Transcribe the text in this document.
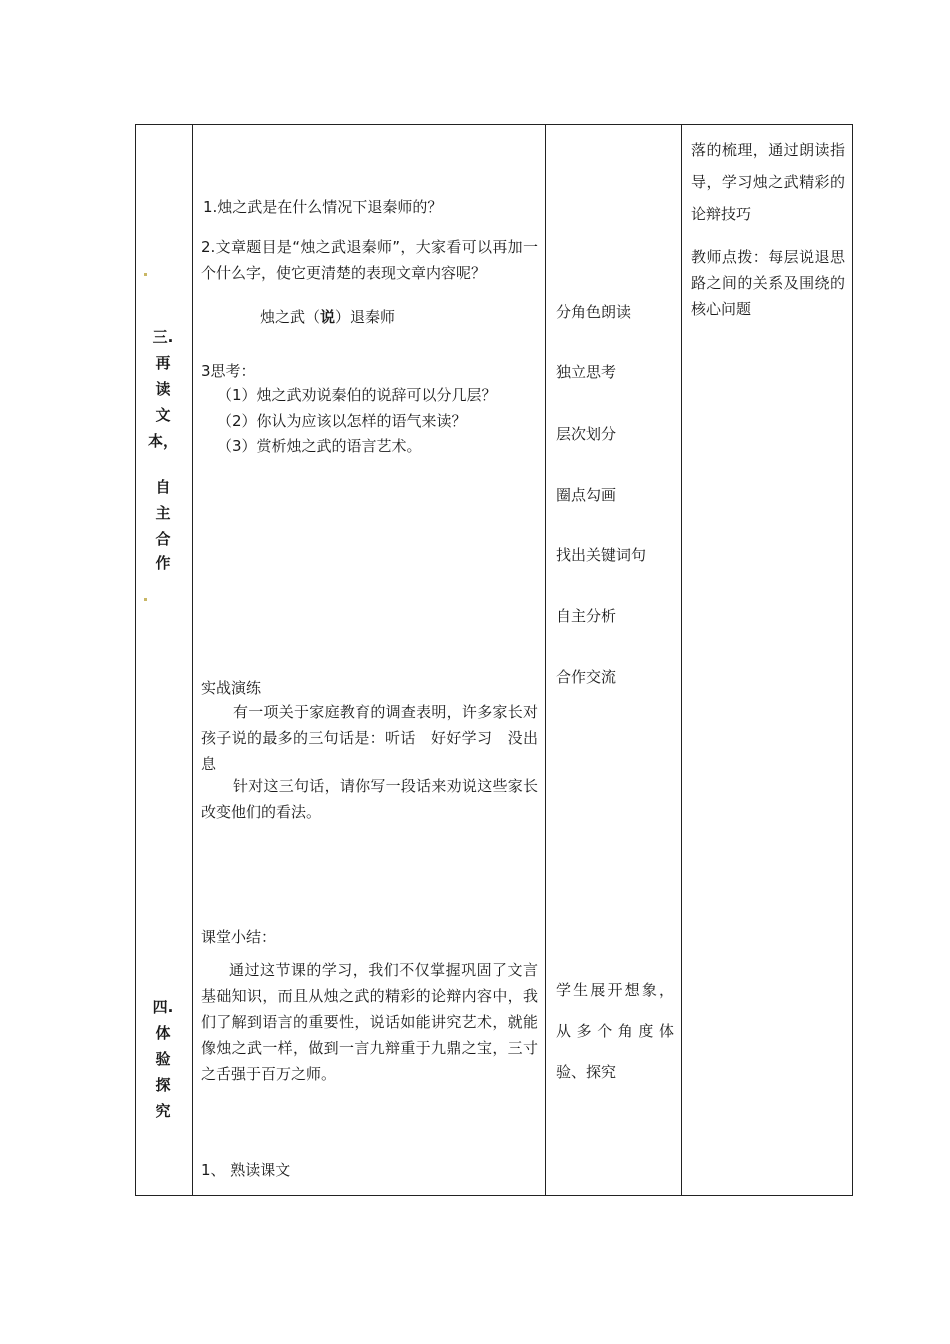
三.
再
读
文
本，
自
主
合
作
1.烛之武是在什么情况下退秦师的？
2.文章题目是“烛之武退秦师”，大家看可以再加一个什么字，使它更清楚的表现文章内容呢？
烛之武（说）退秦师
3思考：
（1）烛之武劝说秦伯的说辞可以分几层？
（2）你认为应该以怎样的语气来读？
（3）赏析烛之武的语言艺术。
实战演练
有一项关于家庭教育的调查表明，许多家长对孩子说的最多的三句话是：听话　好好学习　没出息
针对这三句话，请你写一段话来劝说这些家长改变他们的看法。
分角色朗读
独立思考
层次划分
圈点勾画
找出关键词句
自主分析
合作交流
落的梳理，通过朗读指导，学习烛之武精彩的论辩技巧
教师点拨：每层说退思路之间的关系及围绕的核心问题
四.
体
验
探
究
课堂小结：
通过这节课的学习，我们不仅掌握巩固了文言基础知识，而且从烛之武的精彩的论辩内容中，我们了解到语言的重要性，说话如能讲究艺术，就能像烛之武一样，做到一言九辩重于九鼎之宝，三寸之舌强于百万之师。
1、 熟读课文
学生展开想象，从多个角度体验、探究
